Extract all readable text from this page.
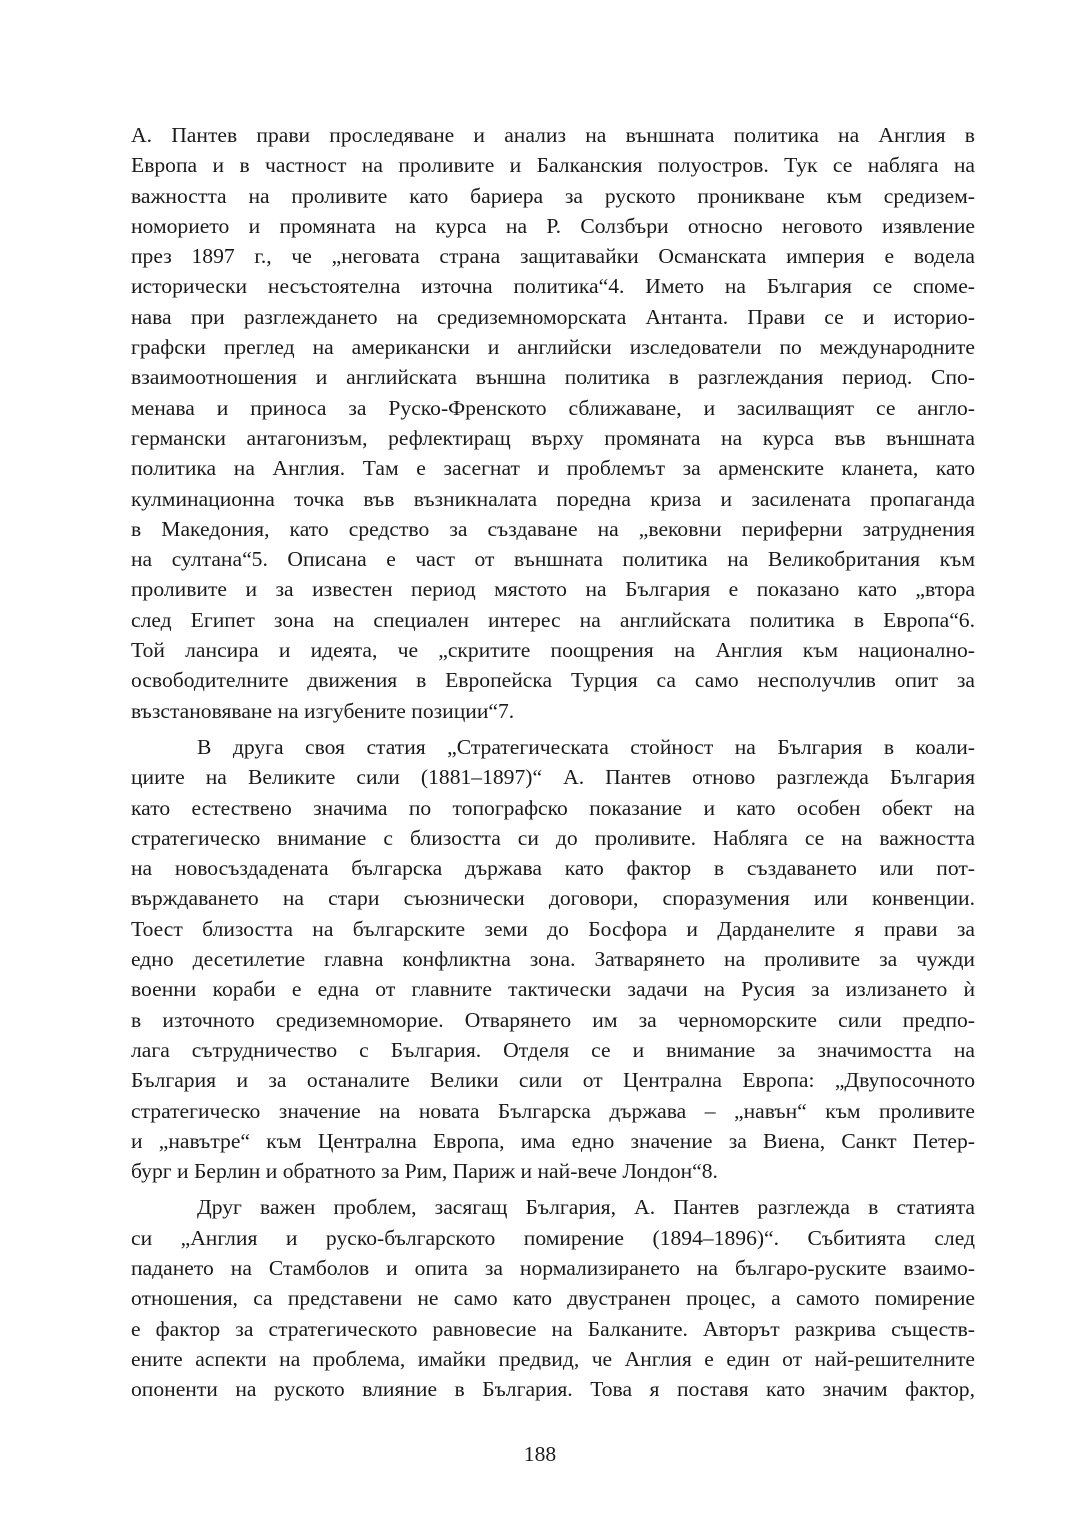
А. Пантев прави проследяване и анализ на външната политика на Англия в
Европа и в частност на проливите и Балканския полуостров. Тук се набляга на
важността на проливите като бариера за руското проникване към средизем-
номорието и промяната на курса на Р. Солзбъри относно неговото изявление
през 1897 г., че „неговата страна защитавайки Османската империя е водела
исторически несъстоятелна източна политика“4. Името на България се споме-
нава при разглеждането на средиземноморската Антанта. Прави се и историо-
графски преглед на американски и английски изследователи по международните
взаимоотношения и английската външна политика в разглеждания период. Спо-
менава и приноса за Руско-Френското сближаване, и засилващият се англо-
германски антагонизъм, рефлектиращ върху промяната на курса във външната
политика на Англия. Там е засегнат и проблемът за арменските кланета, като
кулминационна точка във възникналата поредна криза и засилената пропаганда
в Македония, като средство за създаване на „вековни периферни затруднения
на султана“5. Описана е част от външната политика на Великобритания към
проливите и за известен период мястото на България е показано като „втора
след Египет зона на специален интерес на английската политика в Европа“6.
Той лансира и идеята, че „скритите поощрения на Англия към национално-
освободителните движения в Европейска Турция са само несполучлив опит за
възстановяване на изгубените позиции“7.
В друга своя статия „Стратегическата стойност на България в коали-
циите на Великите сили (1881–1897)“ А. Пантев отново разглежда България
като естествено значима по топографско показание и като особен обект на
стратегическо внимание с близостта си до проливите. Набляга се на важността
на новосъздадената българска държава като фактор в създаването или пот-
върждаването на стари съюзнически договори, споразумения или конвенции.
Тоест близостта на българските земи до Босфора и Дарданелите я прави за
едно десетилетие главна конфликтна зона. Затварянето на проливите за чужди
военни кораби е една от главните тактически задачи на Русия за излизането ѝ
в източното средиземноморие. Отварянето им за черноморските сили предпо-
лага сътрудничество с България. Отделя се и внимание за значимостта на
България и за останалите Велики сили от Централна Европа: „Двупосочното
стратегическо значение на новата Българска държава – „навън“ към проливите
и „навътре“ към Централна Европа, има едно значение за Виена, Санкт Петер-
бург и Берлин и обратното за Рим, Париж и най-вече Лондон“8.
Друг важен проблем, засягащ България, А. Пантев разглежда в статията
си „Англия и руско-българското помирение (1894–1896)“. Събитията след
падането на Стамболов и опита за нормализирането на българо-руските взаимо-
отношения, са представени не само като двустранен процес, а самото помирение
е фактор за стратегическото равновесие на Балканите. Авторът разкрива съществ-
ените аспекти на проблема, имайки предвид, че Англия е един от най-решителните
опоненти на руското влияние в България. Това я поставя като значим фактор,
188
